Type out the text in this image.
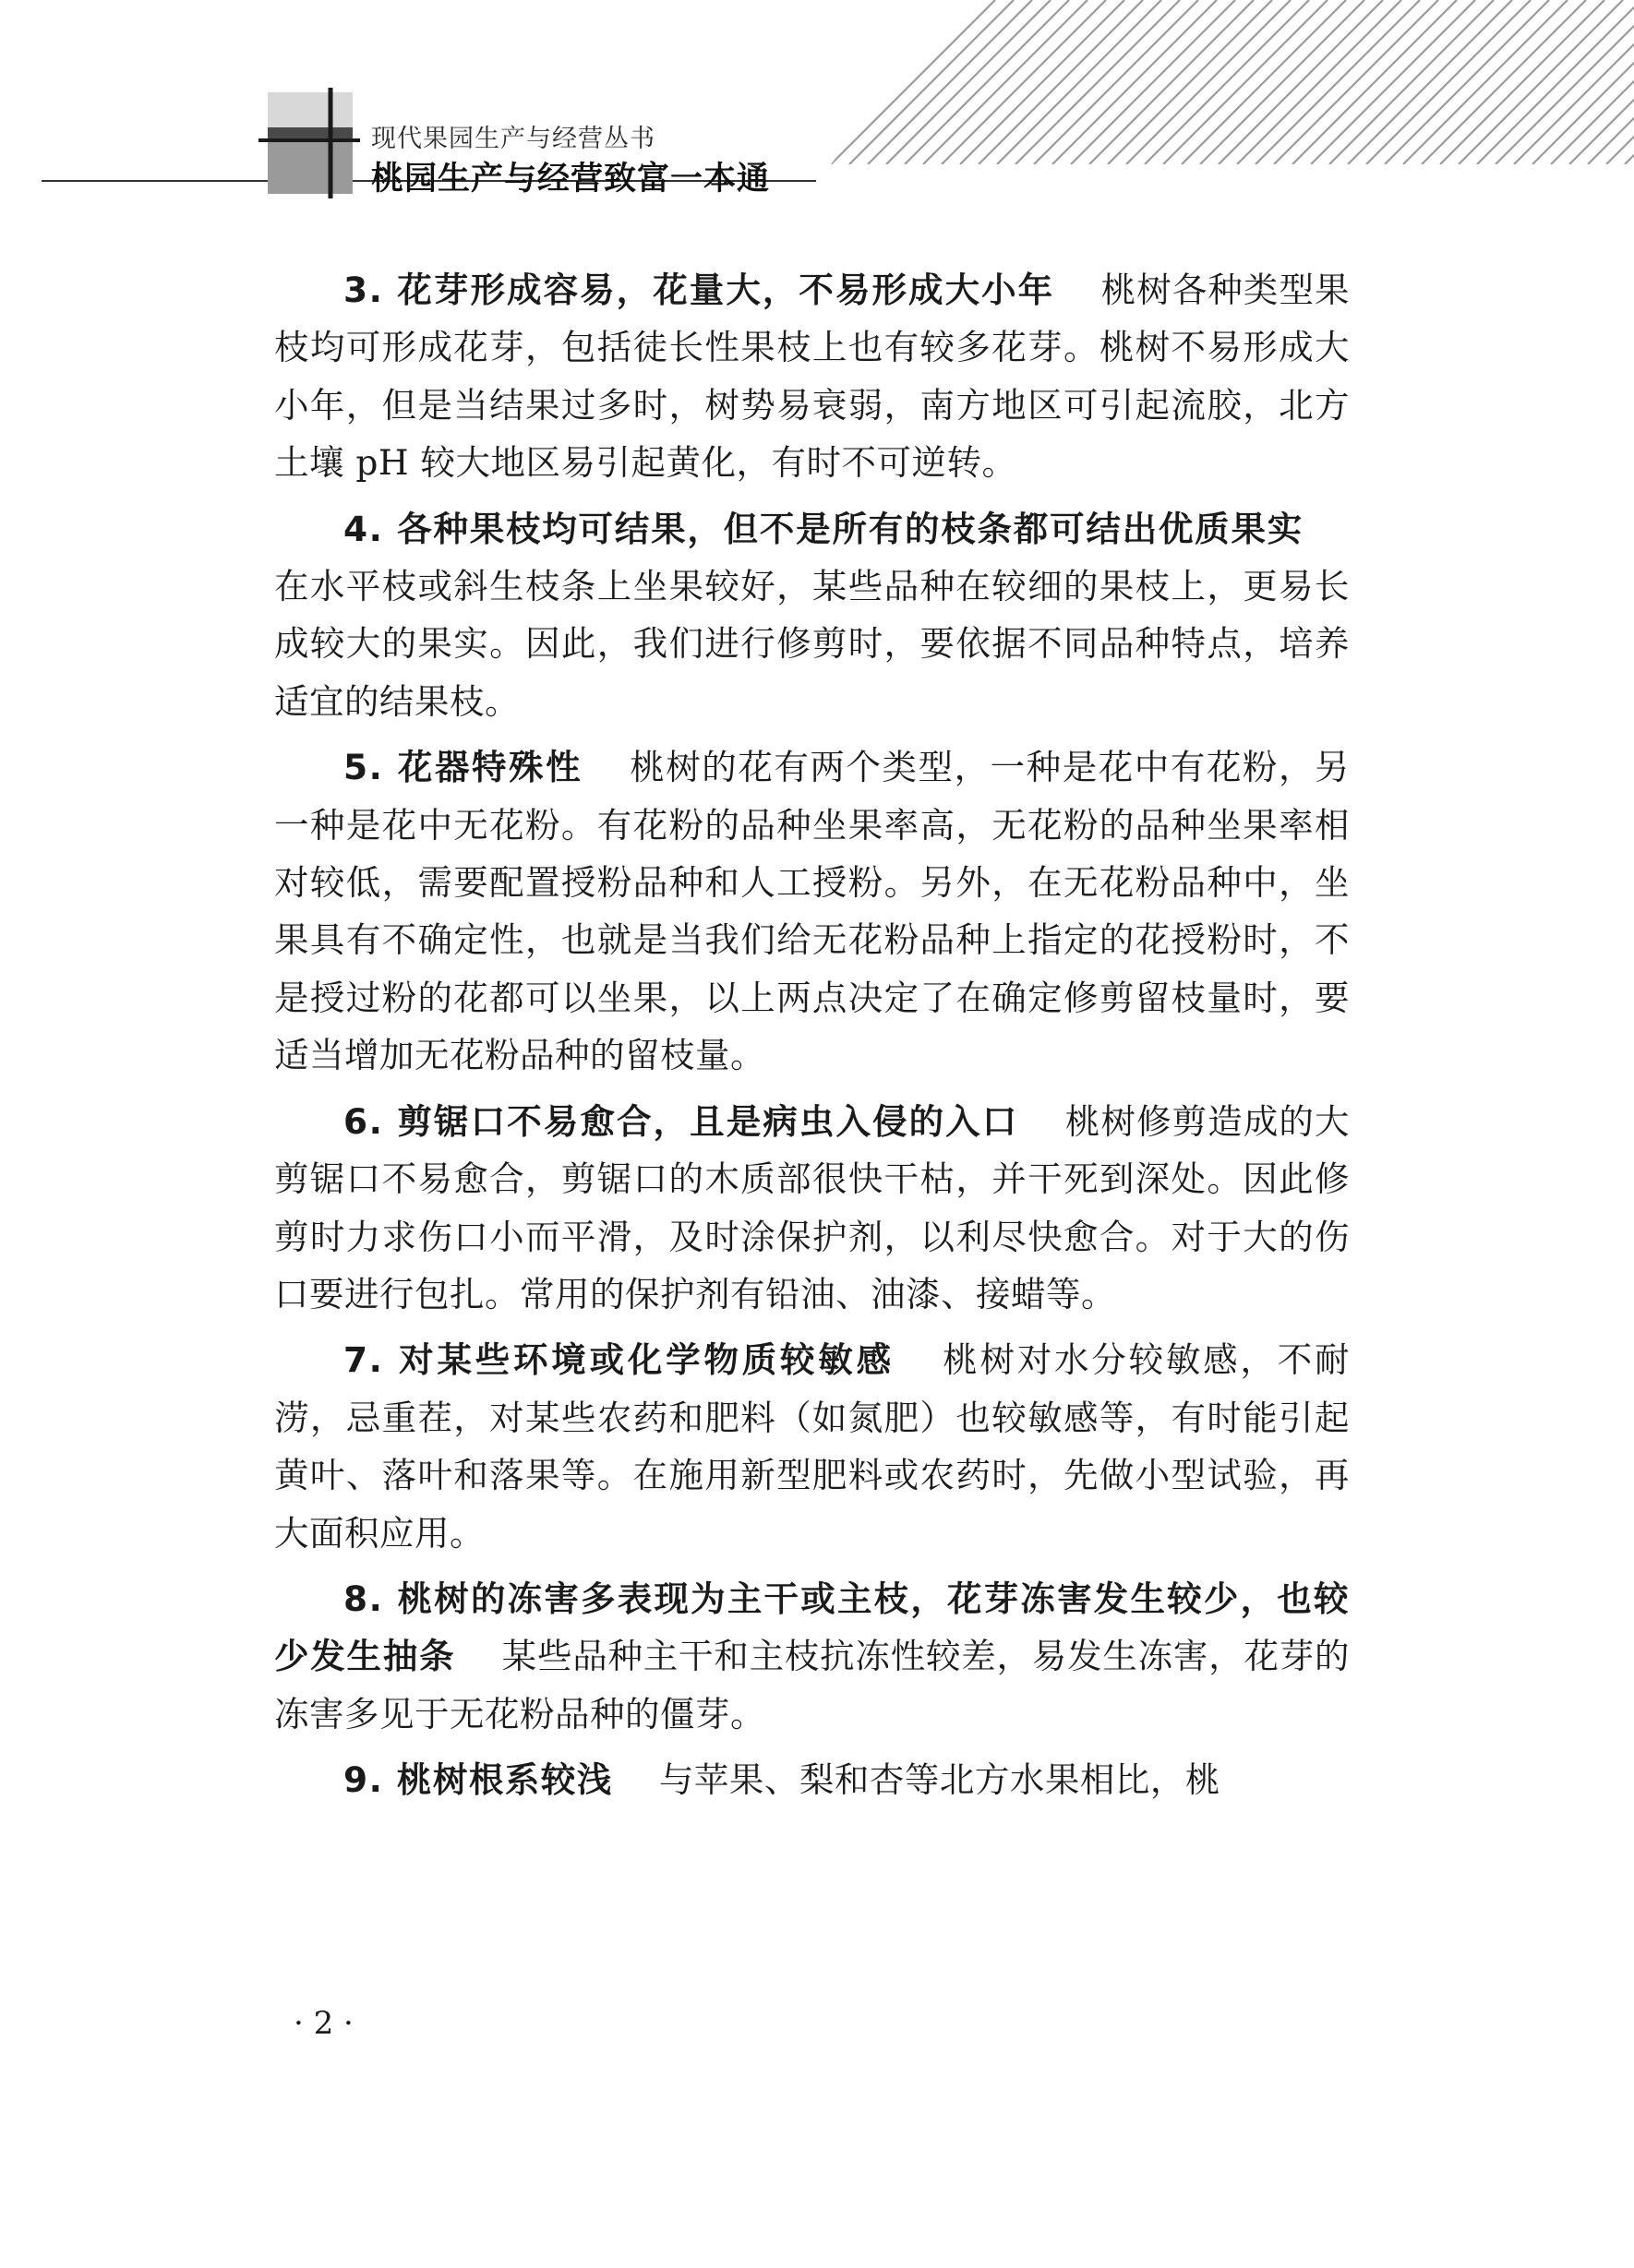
现代果园生产与经营丛书
桃园生产与经营致富一本通

3. 花芽形成容易，花量大，不易形成大小年 桃树各种类型果枝均可形成花芽，包括徒长性果枝上也有较多花芽。桃树不易形成大小年，但是当结果过多时，树势易衰弱，南方地区可引起流胶，北方土壤 pH 较大地区易引起黄化，有时不可逆转。

4. 各种果枝均可结果，但不是所有的枝条都可结出优质果实在水平枝或斜生枝条上坐果较好，某些品种在较细的果枝上，更易长成较大的果实。因此，我们进行修剪时，要依据不同品种特点，培养适宜的结果枝。

5. 花器特殊性 桃树的花有两个类型，一种是花中有花粉，另一种是花中无花粉。有花粉的品种坐果率高，无花粉的品种坐果率相对较低，需要配置授粉品种和人工授粉。另外，在无花粉品种中，坐果具有不确定性，也就是当我们给无花粉品种上指定的花授粉时，不是授过粉的花都可以坐果，以上两点决定了在确定修剪留枝量时，要适当增加无花粉品种的留枝量。

6. 剪锯口不易愈合，且是病虫入侵的入口 桃树修剪造成的大剪锯口不易愈合，剪锯口的木质部很快干枯，并干死到深处。因此修剪时力求伤口小而平滑，及时涂保护剂，以利尽快愈合。对于大的伤口要进行包扎。常用的保护剂有铅油、油漆、接蜡等。

7. 对某些环境或化学物质较敏感 桃树对水分较敏感，不耐涝，忌重茬，对某些农药和肥料（如氮肥）也较敏感等，有时能引起黄叶、落叶和落果等。在施用新型肥料或农药时，先做小型试验，再大面积应用。

8. 桃树的冻害多表现为主干或主枝，花芽冻害发生较少，也较少发生抽条 某些品种主干和主枝抗冻性较差，易发生冻害，花芽的冻害多见于无花粉品种的僵芽。

9. 桃树根系较浅 与苹果、梨和杏等北方水果相比，桃

· 2 ·
